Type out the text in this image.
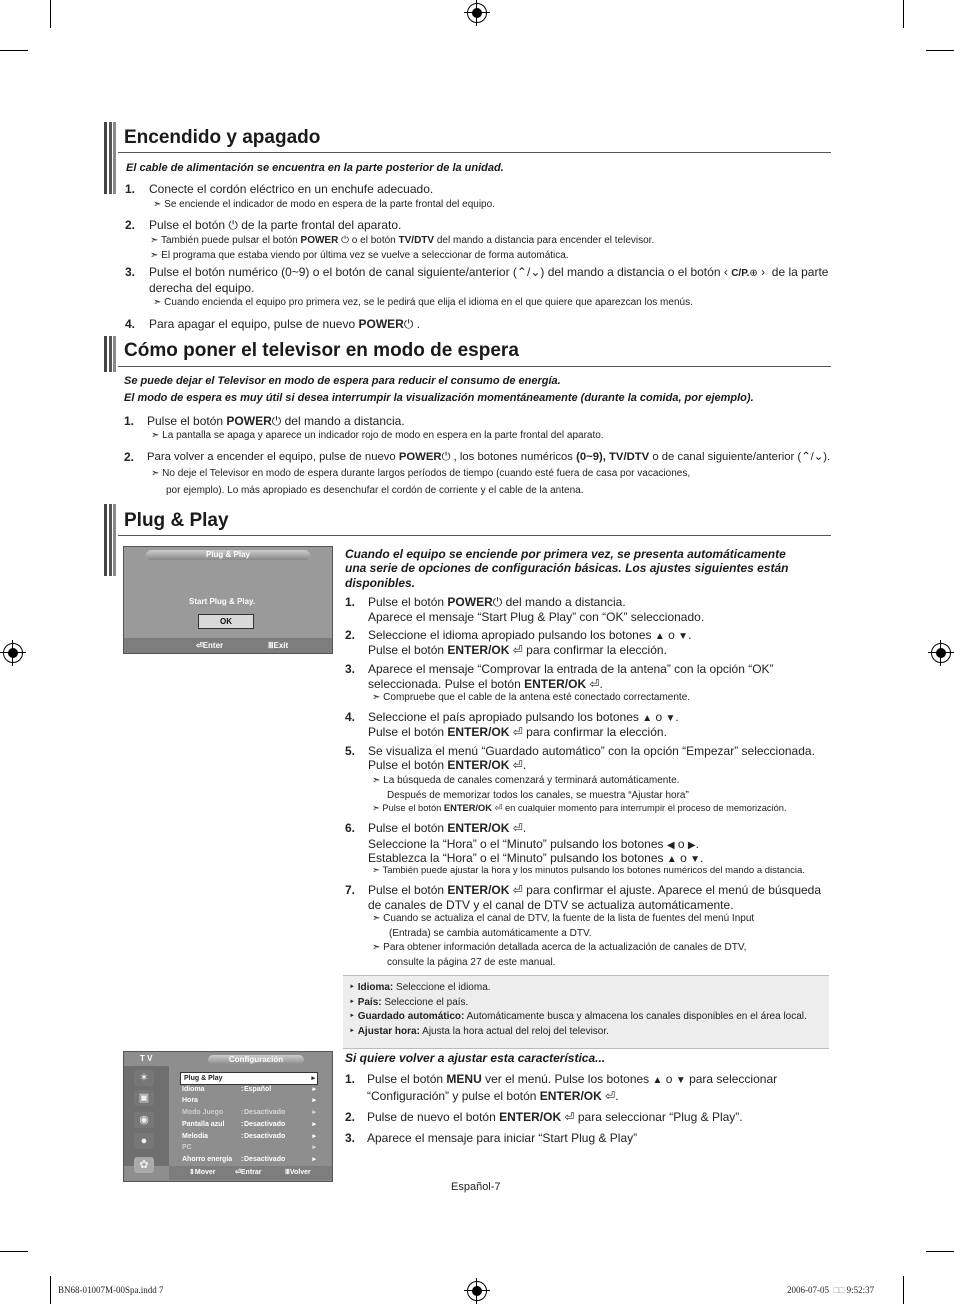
Encendido y apagado
El cable de alimentación se encuentra en la parte posterior de la unidad.
1. Conecte el cordón eléctrico en un enchufe adecuado.
➣ Se enciende el indicador de modo en espera de la parte frontal del equipo.
2. Pulse el botón ⏻ de la parte frontal del aparato.
➣ También puede pulsar el botón POWER ⏻ o el botón TV/DTV del mando a distancia para encender el televisor.
➣ El programa que estaba viendo por última vez se vuelve a seleccionar de forma automática.
3. Pulse el botón numérico (0~9) o el botón de canal siguiente/anterior (⌃/⌄) del mando a distancia o el botón ‹ C/P.⊕ › de la parte
derecha del equipo.
➣ Cuando encienda el equipo pro primera vez, se le pedirá que elija el idioma en el que quiere que aparezcan los menús.
4. Para apagar el equipo, pulse de nuevo POWER⏻ .
Cómo poner el televisor en modo de espera
Se puede dejar el Televisor en modo de espera para reducir el consumo de energía.
El modo de espera es muy útil si desea interrumpir la visualización momentáneamente (durante la comida, por ejemplo).
1. Pulse el botón POWER⏻ del mando a distancia.
➣ La pantalla se apaga y aparece un indicador rojo de modo en espera en la parte frontal del aparato.
2. Para volver a encender el equipo, pulse de nuevo POWER⏻ , los botones numéricos (0~9), TV/DTV o de canal siguiente/anterior (⌃/⌄).
➣ No deje el Televisor en modo de espera durante largos períodos de tiempo (cuando esté fuera de casa por vacaciones,
por ejemplo). Lo más apropiado es desenchufar el cordón de corriente y el cable de la antena.
Plug & Play
Plug & Play
Start Plug & Play.
OK
⏎Enter	ⅢExit
Cuando el equipo se enciende por primera vez, se presenta automáticamente
una serie de opciones de configuración básicas. Los ajustes siguientes están
disponibles.
1. Pulse el botón POWER⏻ del mando a distancia.
Aparece el mensaje “Start Plug & Play” con “OK” seleccionado.
2. Seleccione el idioma apropiado pulsando los botones ▲ o ▼.
Pulse el botón ENTER/OK ⏎ para confirmar la elección.
3. Aparece el mensaje “Comprovar la entrada de la antena” con la opción “OK”
seleccionada. Pulse el botón ENTER/OK ⏎.
➣ Compruebe que el cable de la antena esté conectado correctamente.
4. Seleccione el país apropiado pulsando los botones ▲ o ▼.
Pulse el botón ENTER/OK ⏎ para confirmar la elección.
5. Se visualiza el menú “Guardado automático” con la opción “Empezar” seleccionada.
Pulse el botón ENTER/OK ⏎.
➣ La búsqueda de canales comenzará y terminará automáticamente.
Después de memorizar todos los canales, se muestra “Ajustar hora”
➣ Pulse el botón ENTER/OK ⏎ en cualquier momento para interrumpir el proceso de memorización.
6. Pulse el botón ENTER/OK ⏎.
Seleccione la “Hora” o el “Minuto” pulsando los botones ◀ o ▶.
Establezca la “Hora” o el “Minuto” pulsando los botones ▲ o ▼.
➣ También puede ajustar la hora y los minutos pulsando los botones numéricos del mando a distancia.
7. Pulse el botón ENTER/OK ⏎ para confirmar el ajuste. Aparece el menú de búsqueda
de canales de DTV y el canal de DTV se actualiza automáticamente.
➣ Cuando se actualiza el canal de DTV, la fuente de la lista de fuentes del menú Input
(Entrada) se cambia automáticamente a DTV.
➣ Para obtener información detallada acerca de la actualización de canales de DTV,
consulte la página 27 de este manual.
‣ Idioma: Seleccione el idioma.
‣ País: Seleccione el país.
‣ Guardado automático: Automáticamente busca y almacena los canales disponibles en el área local.
‣ Ajustar hora: Ajusta la hora actual del reloj del televisor.
T V	Configuración
✶
▣
◉
●
✿
Plug & Play	▸
Idioma	: Español	▸
Hora	▸
Modo Juego	: Desactivado	▸
Pantalla azul : Desactivado	▸
Melodía	: Desactivado	▸
PC	▸
Ahorro energía : Desactivado	▸
⇕Mover	⏎Entrar	ⅢVolver
Si quiere volver a ajustar esta característica...
1. Pulse el botón MENU ver el menú. Pulse los botones ▲ o ▼ para seleccionar
“Configuración” y pulse el botón ENTER/OK ⏎.
2. Pulse de nuevo el botón ENTER/OK ⏎ para seleccionar “Plug & Play”.
3. Aparece el mensaje para iniciar “Start Plug & Play”
Español-7
BN68-01007M-00Spa.indd 7	2006-07-05 □□ 9:52:37
